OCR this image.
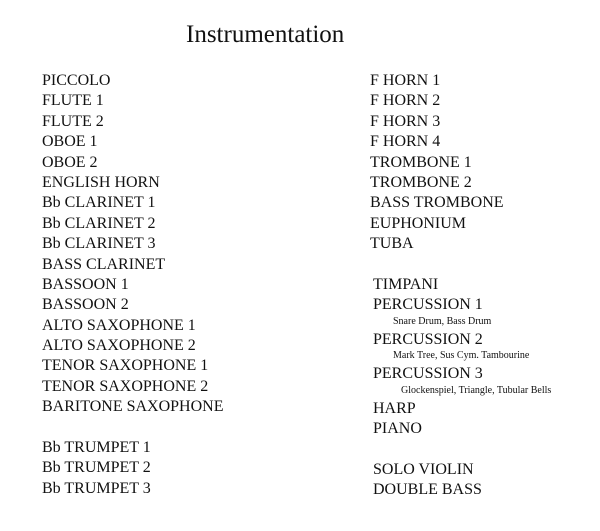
Instrumentation
PICCOLO
FLUTE 1
FLUTE 2
OBOE 1
OBOE 2
ENGLISH HORN
Bb CLARINET 1
Bb CLARINET 2
Bb CLARINET 3
BASS CLARINET
BASSOON 1
BASSOON 2
ALTO SAXOPHONE 1
ALTO SAXOPHONE 2
TENOR SAXOPHONE 1
TENOR SAXOPHONE 2
BARITONE SAXOPHONE
Bb TRUMPET 1
Bb TRUMPET 2
Bb TRUMPET 3
F HORN 1
F HORN 2
F HORN 3
F HORN 4
TROMBONE 1
TROMBONE 2
BASS TROMBONE
EUPHONIUM
TUBA
TIMPANI
PERCUSSION 1
Snare Drum, Bass Drum
PERCUSSION 2
Mark Tree, Sus Cym. Tambourine
PERCUSSION 3
Glockenspiel, Triangle, Tubular Bells
HARP
PIANO
SOLO VIOLIN
DOUBLE BASS
